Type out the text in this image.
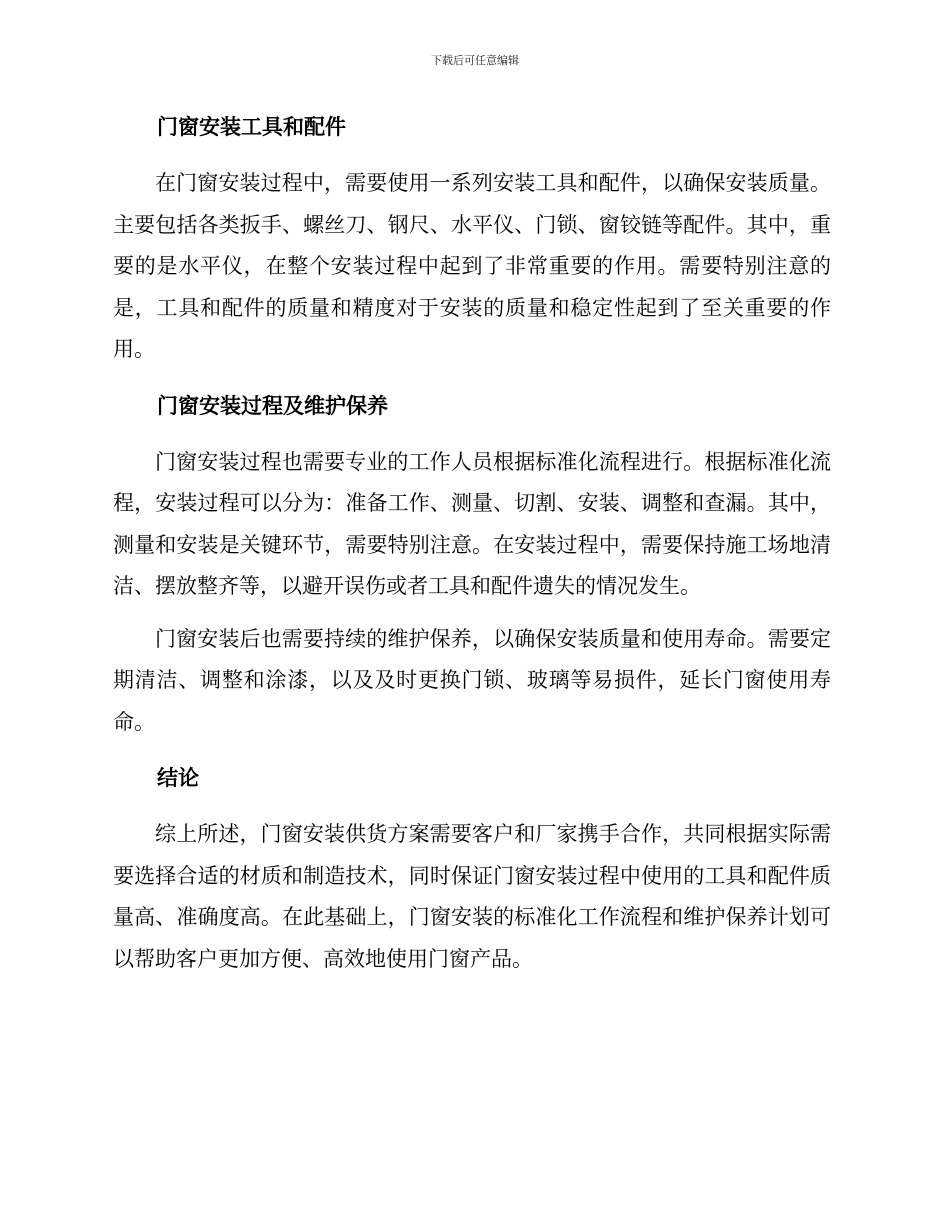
下载后可任意编辑
门窗安装工具和配件

在门窗安装过程中，需要使用一系列安装工具和配件，以确保安装质量。主要包括各类扳手、螺丝刀、钢尺、水平仪、门锁、窗铰链等配件。其中，重要的是水平仪，在整个安装过程中起到了非常重要的作用。需要特别注意的是，工具和配件的质量和精度对于安装的质量和稳定性起到了至关重要的作用。

门窗安装过程及维护保养

门窗安装过程也需要专业的工作人员根据标准化流程进行。根据标准化流程，安装过程可以分为：准备工作、测量、切割、安装、调整和查漏。其中，测量和安装是关键环节，需要特别注意。在安装过程中，需要保持施工场地清洁、摆放整齐等，以避开误伤或者工具和配件遗失的情况发生。

门窗安装后也需要持续的维护保养，以确保安装质量和使用寿命。需要定期清洁、调整和涂漆，以及及时更换门锁、玻璃等易损件，延长门窗使用寿命。

结论

综上所述，门窗安装供货方案需要客户和厂家携手合作，共同根据实际需要选择合适的材质和制造技术，同时保证门窗安装过程中使用的工具和配件质量高、准确度高。在此基础上，门窗安装的标准化工作流程和维护保养计划可以帮助客户更加方便、高效地使用门窗产品。
